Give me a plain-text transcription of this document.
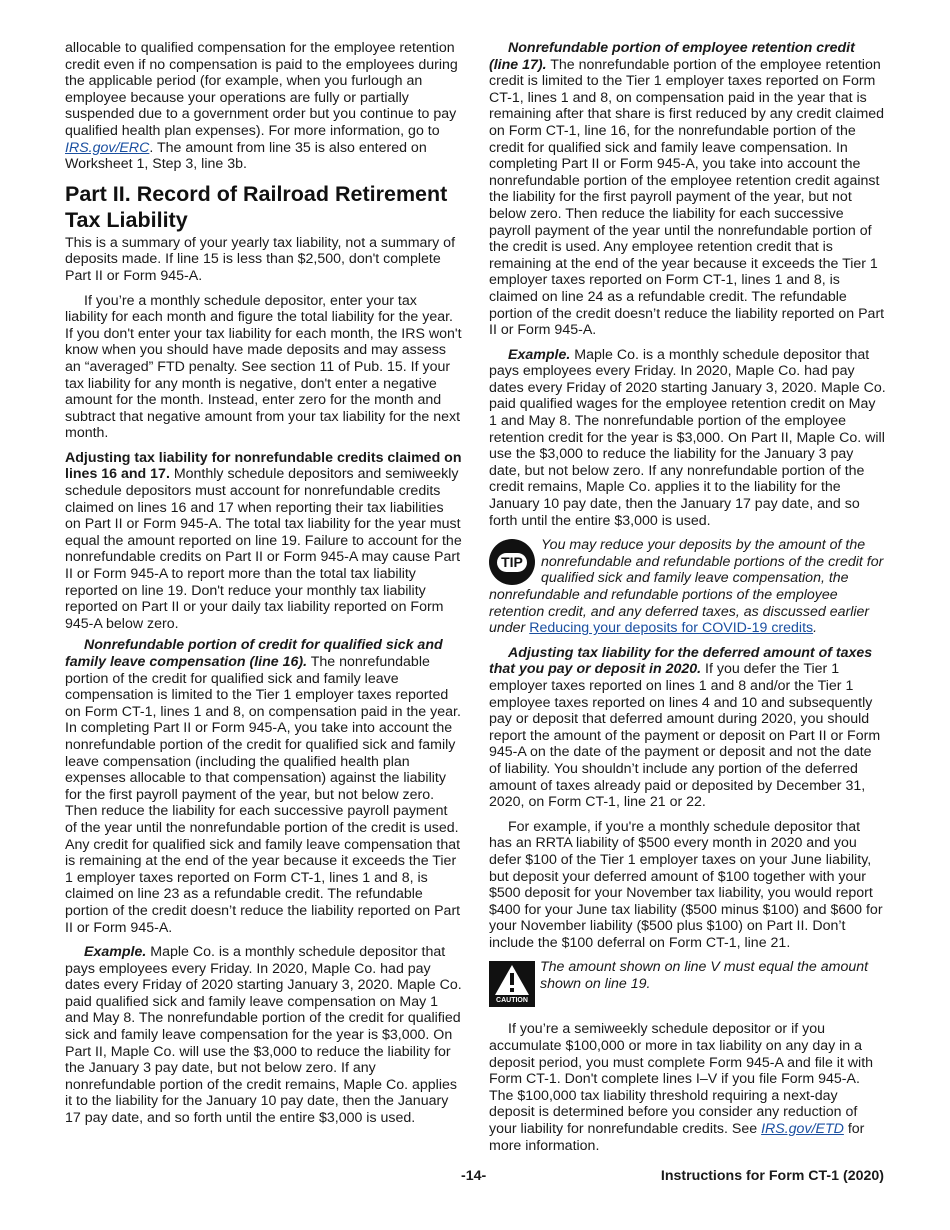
allocable to qualified compensation for the employee retention credit even if no compensation is paid to the employees during the applicable period (for example, when you furlough an employee because your operations are fully or partially suspended due to a government order but you continue to pay qualified health plan expenses). For more information, go to IRS.gov/ERC. The amount from line 35 is also entered on Worksheet 1, Step 3, line 3b.

Part II. Record of Railroad Retirement Tax Liability

This is a summary of your yearly tax liability, not a summary of deposits made. If line 15 is less than $2,500, don't complete Part II or Form 945-A.

If you’re a monthly schedule depositor, enter your tax liability for each month and figure the total liability for the year. If you don't enter your tax liability for each month, the IRS won't know when you should have made deposits and may assess an “averaged” FTD penalty. See section 11 of Pub. 15. If your tax liability for any month is negative, don't enter a negative amount for the month. Instead, enter zero for the month and subtract that negative amount from your tax liability for the next month.

Adjusting tax liability for nonrefundable credits claimed on lines 16 and 17. Monthly schedule depositors and semiweekly schedule depositors must account for nonrefundable credits claimed on lines 16 and 17 when reporting their tax liabilities on Part II or Form 945-A. The total tax liability for the year must equal the amount reported on line 19. Failure to account for the nonrefundable credits on Part II or Form 945-A may cause Part II or Form 945-A to report more than the total tax liability reported on line 19. Don't reduce your monthly tax liability reported on Part II or your daily tax liability reported on Form 945-A below zero.

Nonrefundable portion of credit for qualified sick and family leave compensation (line 16). The nonrefundable portion of the credit for qualified sick and family leave compensation is limited to the Tier 1 employer taxes reported on Form CT-1, lines 1 and 8, on compensation paid in the year. In completing Part II or Form 945-A, you take into account the nonrefundable portion of the credit for qualified sick and family leave compensation (including the qualified health plan expenses allocable to that compensation) against the liability for the first payroll payment of the year, but not below zero. Then reduce the liability for each successive payroll payment of the year until the nonrefundable portion of the credit is used. Any credit for qualified sick and family leave compensation that is remaining at the end of the year because it exceeds the Tier 1 employer taxes reported on Form CT-1, lines 1 and 8, is claimed on line 23 as a refundable credit. The refundable portion of the credit doesn’t reduce the liability reported on Part II or Form 945-A.

Example. Maple Co. is a monthly schedule depositor that pays employees every Friday. In 2020, Maple Co. had pay dates every Friday of 2020 starting January 3, 2020. Maple Co. paid qualified sick and family leave compensation on May 1 and May 8. The nonrefundable portion of the credit for qualified sick and family leave compensation for the year is $3,000. On Part II, Maple Co. will use the $3,000 to reduce the liability for the January 3 pay date, but not below zero. If any nonrefundable portion of the credit remains, Maple Co. applies it to the liability for the January 10 pay date, then the January 17 pay date, and so forth until the entire $3,000 is used.

Nonrefundable portion of employee retention credit (line 17). The nonrefundable portion of the employee retention credit is limited to the Tier 1 employer taxes reported on Form CT-1, lines 1 and 8, on compensation paid in the year that is remaining after that share is first reduced by any credit claimed on Form CT-1, line 16, for the nonrefundable portion of the credit for qualified sick and family leave compensation. In completing Part II or Form 945-A, you take into account the nonrefundable portion of the employee retention credit against the liability for the first payroll payment of the year, but not below zero. Then reduce the liability for each successive payroll payment of the year until the nonrefundable portion of the credit is used. Any employee retention credit that is remaining at the end of the year because it exceeds the Tier 1 employer taxes reported on Form CT-1, lines 1 and 8, is claimed on line 24 as a refundable credit. The refundable portion of the credit doesn’t reduce the liability reported on Part II or Form 945-A.

Example. Maple Co. is a monthly schedule depositor that pays employees every Friday. In 2020, Maple Co. had pay dates every Friday of 2020 starting January 3, 2020. Maple Co. paid qualified wages for the employee retention credit on May 1 and May 8. The nonrefundable portion of the employee retention credit for the year is $3,000. On Part II, Maple Co. will use the $3,000 to reduce the liability for the January 3 pay date, but not below zero. If any nonrefundable portion of the credit remains, Maple Co. applies it to the liability for the January 10 pay date, then the January 17 pay date, and so forth until the entire $3,000 is used.

TIP
You may reduce your deposits by the amount of the nonrefundable and refundable portions of the credit for qualified sick and family leave compensation, the nonrefundable and refundable portions of the employee retention credit, and any deferred taxes, as discussed earlier under Reducing your deposits for COVID-19 credits.

Adjusting tax liability for the deferred amount of taxes that you pay or deposit in 2020. If you defer the Tier 1 employer taxes reported on lines 1 and 8 and/or the Tier 1 employee taxes reported on lines 4 and 10 and subsequently pay or deposit that deferred amount during 2020, you should report the amount of the payment or deposit on Part II or Form 945-A on the date of the payment or deposit and not the date of liability. You shouldn’t include any portion of the deferred amount of taxes already paid or deposited by December 31, 2020, on Form CT-1, line 21 or 22.

For example, if you're a monthly schedule depositor that has an RRTA liability of $500 every month in 2020 and you defer $100 of the Tier 1 employer taxes on your June liability, but deposit your deferred amount of $100 together with your $500 deposit for your November tax liability, you would report $400 for your June tax liability ($500 minus $100) and $600 for your November liability ($500 plus $100) on Part II. Don’t include the $100 deferral on Form CT-1, line 21.

CAUTION
The amount shown on line V must equal the amount shown on line 19.

If you’re a semiweekly schedule depositor or if you accumulate $100,000 or more in tax liability on any day in a deposit period, you must complete Form 945-A and file it with Form CT-1. Don't complete lines I–V if you file Form 945-A. The $100,000 tax liability threshold requiring a next-day deposit is determined before you consider any reduction of your liability for nonrefundable credits. See IRS.gov/ETD for more information.

-14-	Instructions for Form CT-1 (2020)
